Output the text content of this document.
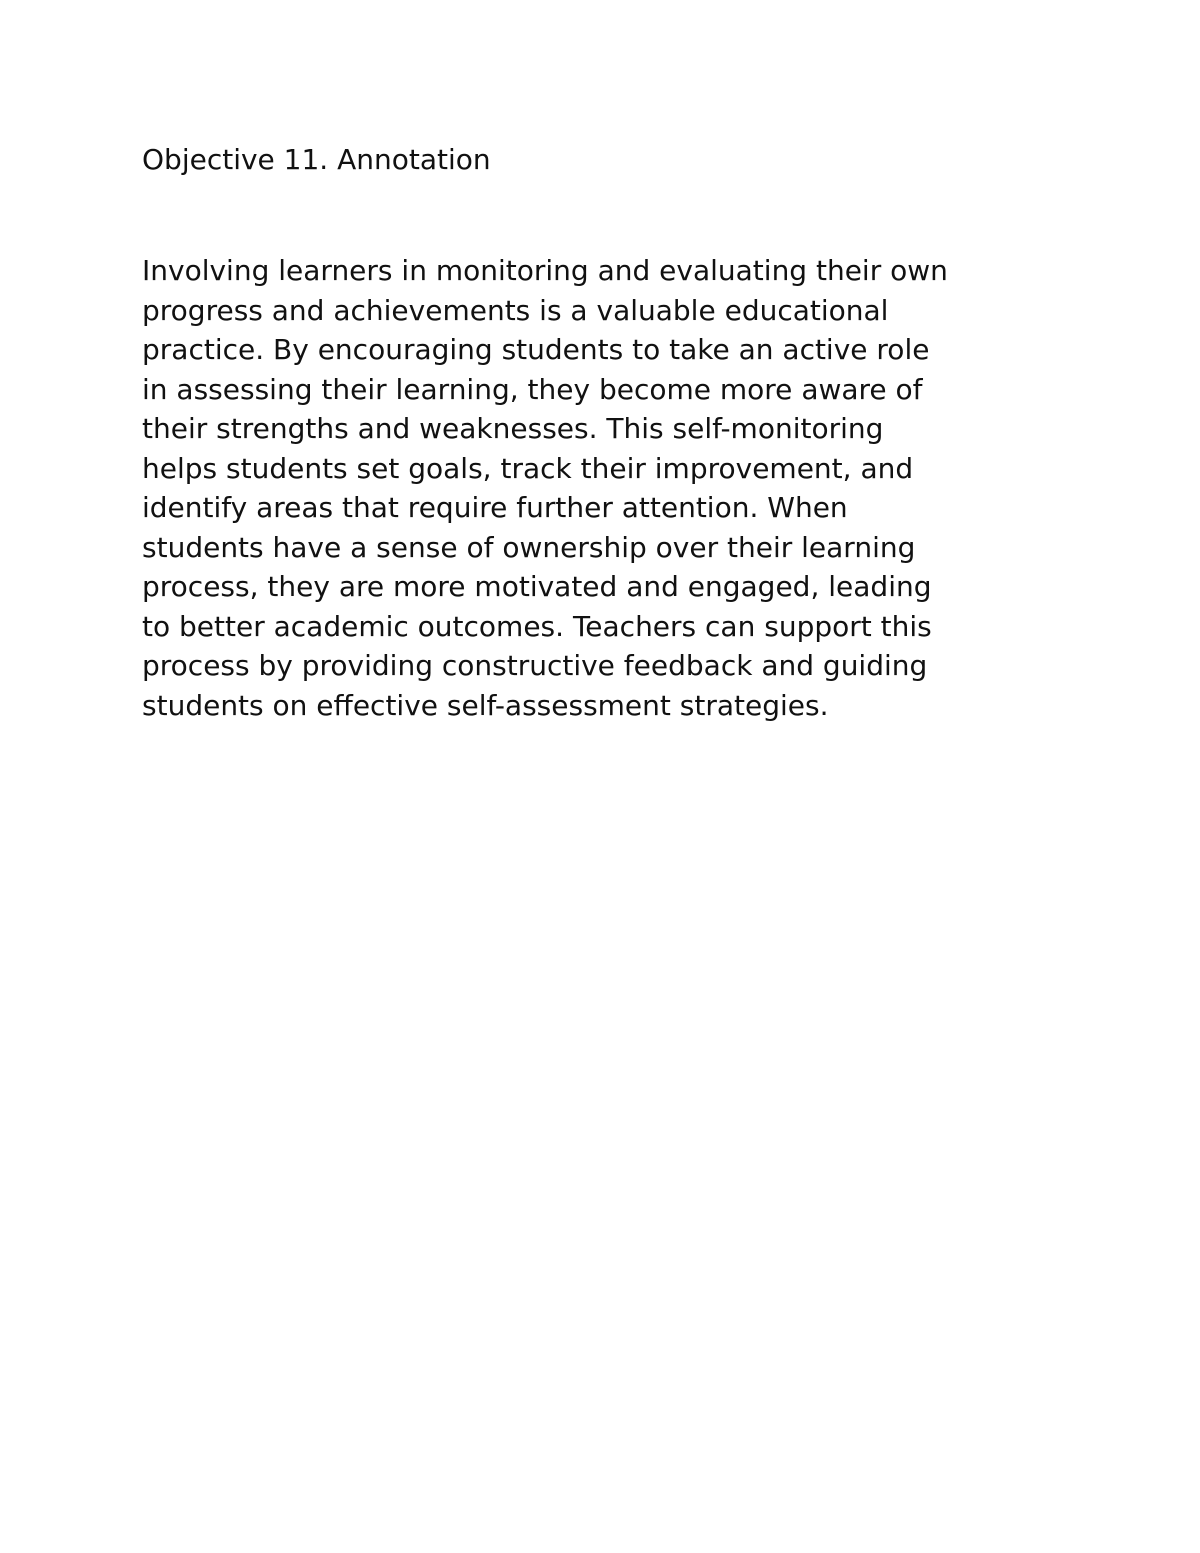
Objective 11. Annotation
Involving learners in monitoring and evaluating their own
progress and achievements is a valuable educational
practice. By encouraging students to take an active role
in assessing their learning, they become more aware of
their strengths and weaknesses. This self-monitoring
helps students set goals, track their improvement, and
identify areas that require further attention. When
students have a sense of ownership over their learning
process, they are more motivated and engaged, leading
to better academic outcomes. Teachers can support this
process by providing constructive feedback and guiding
students on effective self-assessment strategies.
